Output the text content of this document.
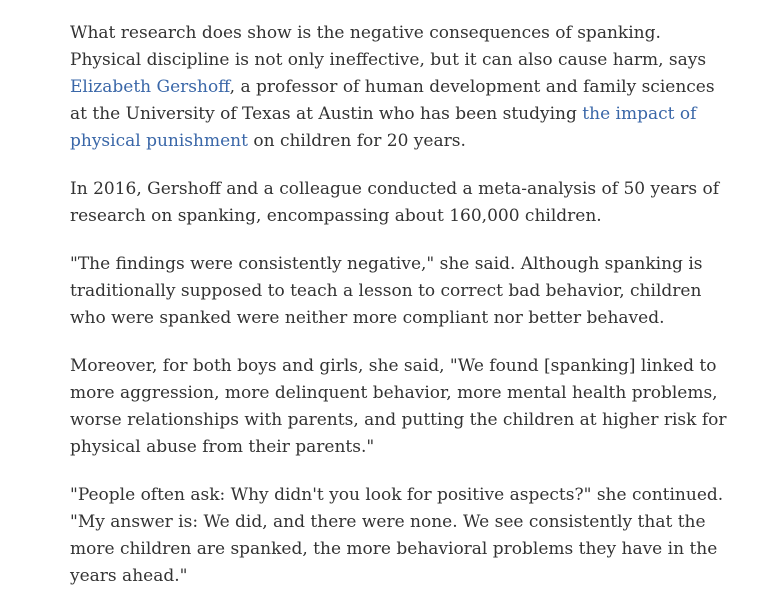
What research does show is the negative consequences of spanking. Physical discipline is not only ineffective, but it can also cause harm, says Elizabeth Gershoff, a professor of human development and family sciences at the University of Texas at Austin who has been studying the impact of physical punishment on children for 20 years.

In 2016, Gershoff and a colleague conducted a meta-analysis of 50 years of research on spanking, encompassing about 160,000 children.

"The findings were consistently negative," she said. Although spanking is traditionally supposed to teach a lesson to correct bad behavior, children who were spanked were neither more compliant nor better behaved.

Moreover, for both boys and girls, she said, "We found [spanking] linked to more aggression, more delinquent behavior, more mental health problems, worse relationships with parents, and putting the children at higher risk for physical abuse from their parents."

"People often ask: Why didn't you look for positive aspects?" she continued. "My answer is: We did, and there were none. We see consistently that the more children are spanked, the more behavioral problems they have in the years ahead."
